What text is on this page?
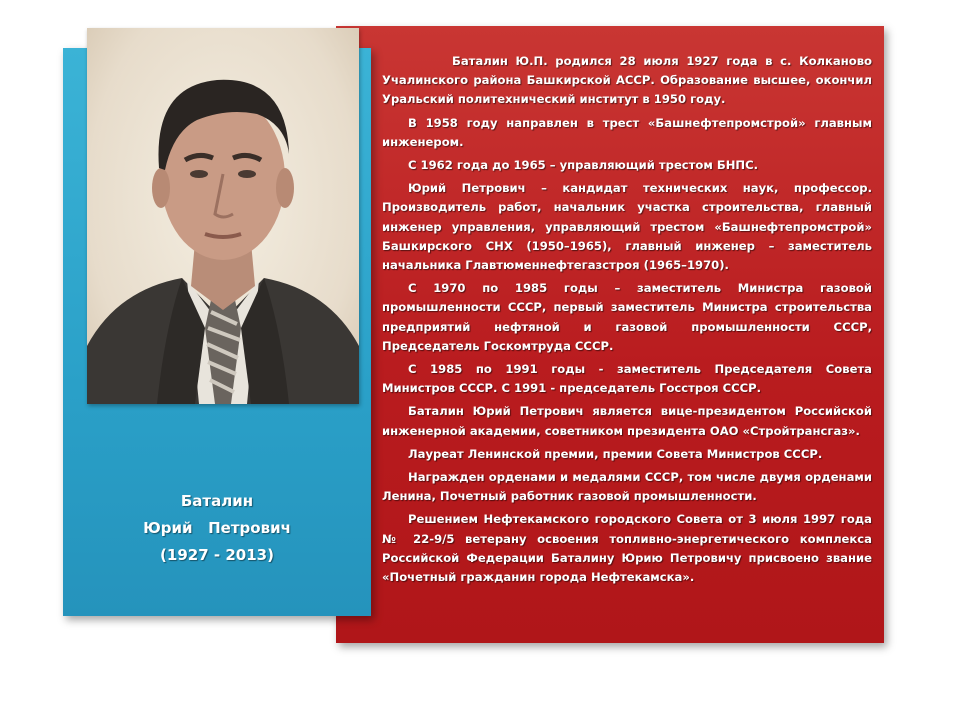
Баталин Ю.П. родился 28 июля 1927 года в с. Колканово Учалинского района Башкирской АССР. Образование высшее, окончил Уральский политехнический институт в 1950 году.

В 1958 году направлен в трест «Башнефтепромстрой» главным инженером.

С 1962 года до 1965 – управляющий трестом БНПС.

Юрий Петрович – кандидат технических наук, профессор. Производитель работ, начальник участка строительства, главный инженер управления, управляющий трестом «Башнефтепромстрой» Башкирского СНХ (1950–1965), главный инженер – заместитель начальника Главтюменнефтегазстроя (1965–1970).

С 1970 по 1985 годы – заместитель Министра газовой промышленности СССР, первый заместитель Министра строительства предприятий нефтяной и газовой промышленности СССР, Председатель Госкомтруда СССР.

С 1985 по 1991 годы - заместитель Председателя Совета Министров СССР. С 1991 - председатель Госстроя СССР.

Баталин Юрий Петрович является вице-президентом Российской инженерной академии, советником президента ОАО «Стройтрансгаз».

Лауреат Ленинской премии, премии Совета Министров СССР.

Награжден орденами и медалями СССР, том числе двумя орденами Ленина, Почетный работник газовой промышленности.

Решением Нефтекамского городского Совета от 3 июля 1997 года № 22-9/5 ветерану освоения топливно-энергетического комплекса Российской Федерации Баталину Юрию Петровичу присвоено звание «Почетный гражданин города Нефтекамска».

Баталин
Юрий   Петрович
(1927 - 2013)
